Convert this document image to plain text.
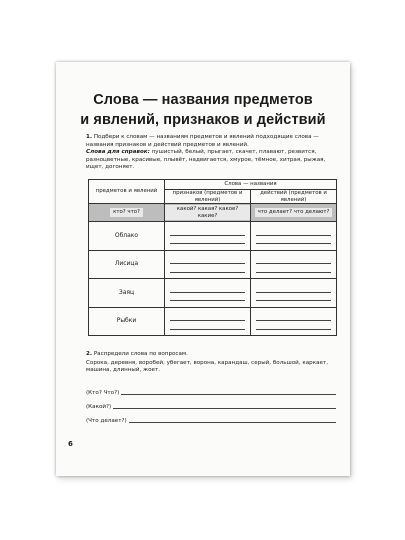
Слова — названия предметов
и явлений, признаков и действий

1. Подбери к словам — названиям предметов и явлений подходящие слова — названия признаков и действий предметов и явлений.

Слова для справок: пушистый, белый, прыгает, скачет, плавают, резвится, разноцветные, красивые, плывёт, надвигается, хмурое, тёмное, хитрая, рыжая, ищет, догоняет.

предметов и явлений	Слова — названия	
	признаков (предметов и явлений)	действий (предметов и явлений)
кто? что?	какой? какая? какое? какие?	что делает? что делают?
Облако	

Лисица	

Заяц	

Рыбки	

2. Распредели слова по вопросам.

Сорока, деревня, воробей, убегает, ворона, карандаш, серый, большой, каркает, машина, длинный, жоет.

(Кто? Что?)
(Какой?)
(Что делает?)
6
